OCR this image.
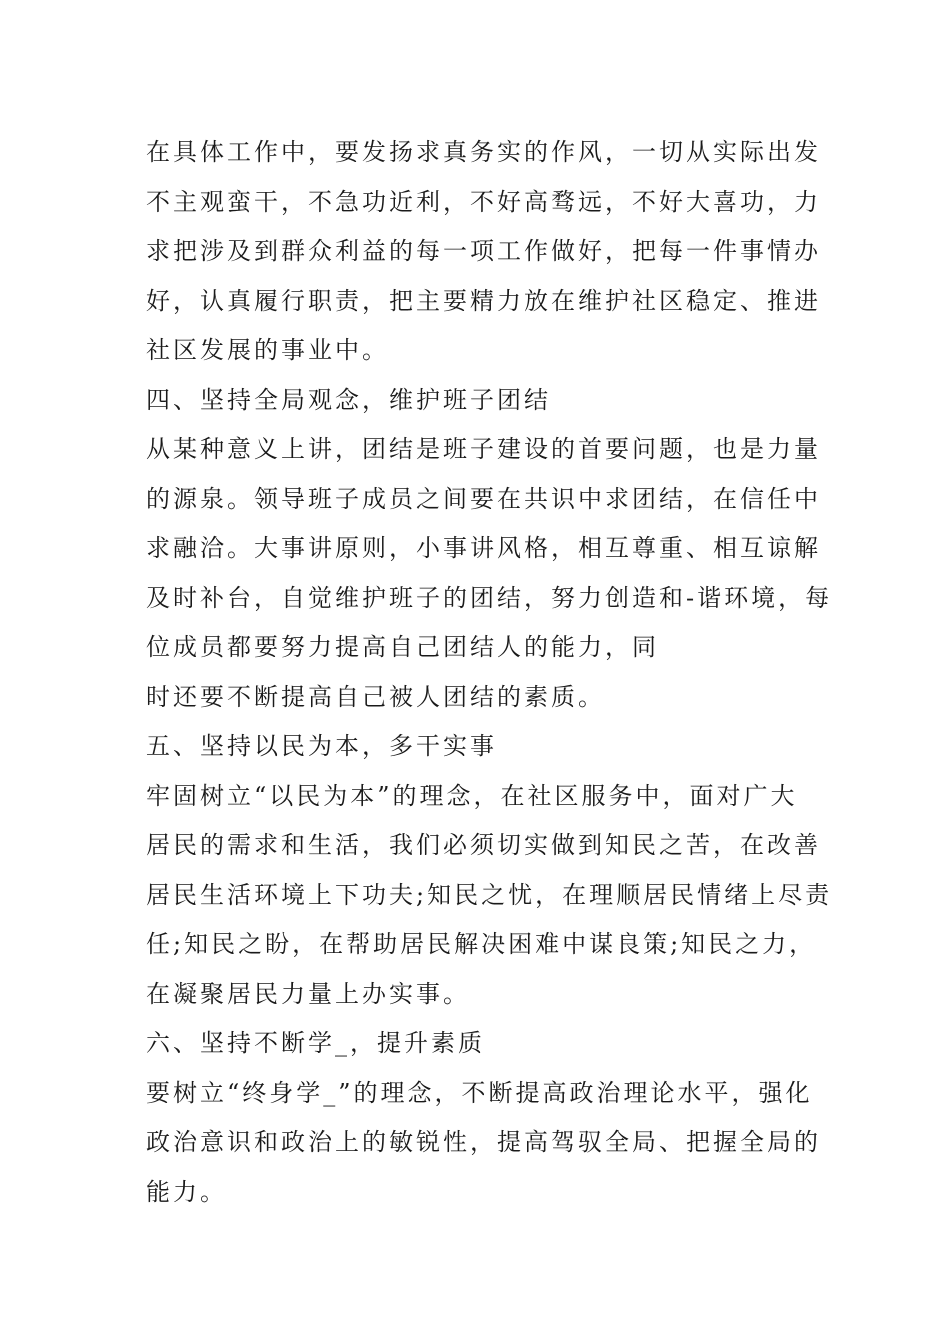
在具体工作中，要发扬求真务实的作风，一切从实际出发
不主观蛮干，不急功近利，不好高骛远，不好大喜功，力
求把涉及到群众利益的每一项工作做好，把每一件事情办
好，认真履行职责，把主要精力放在维护社区稳定、推进
社区发展的事业中。
四、坚持全局观念，维护班子团结
从某种意义上讲，团结是班子建设的首要问题，也是力量
的源泉。领导班子成员之间要在共识中求团结，在信任中
求融洽。大事讲原则，小事讲风格，相互尊重、相互谅解
及时补台，自觉维护班子的团结，努力创造和-谐环境，每
位成员都要努力提高自己团结人的能力，同
时还要不断提高自己被人团结的素质。
五、坚持以民为本，多干实事
牢固树立“以民为本”的理念，在社区服务中，面对广大
居民的需求和生活，我们必须切实做到知民之苦，在改善
居民生活环境上下功夫;知民之忧，在理顺居民情绪上尽责
任;知民之盼，在帮助居民解决困难中谋良策;知民之力，
在凝聚居民力量上办实事。
六、坚持不断学_，提升素质
要树立“终身学_”的理念，不断提高政治理论水平，强化
政治意识和政治上的敏锐性，提高驾驭全局、把握全局的
能力。
